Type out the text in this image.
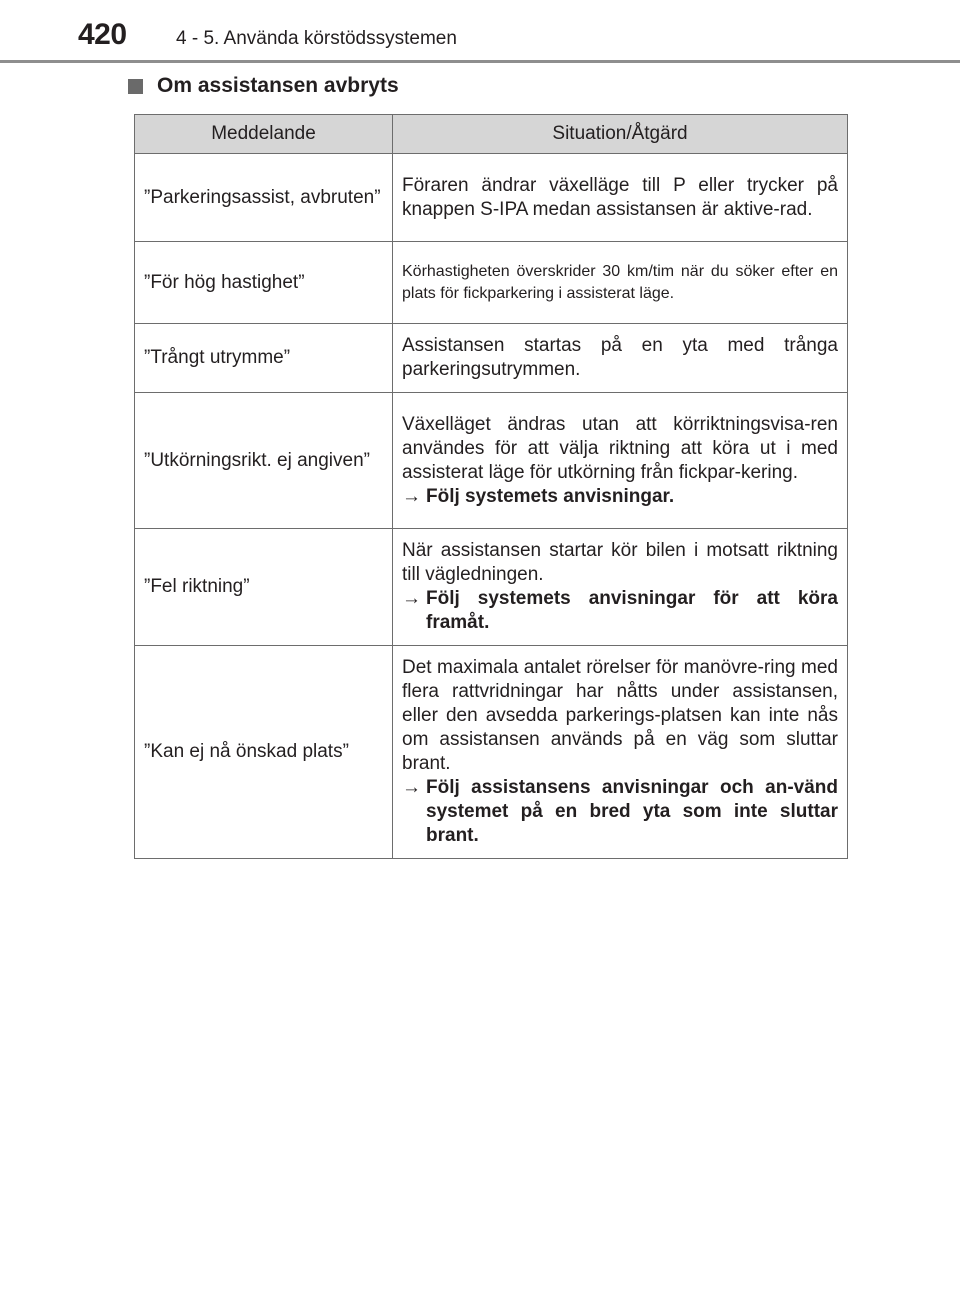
420	4 - 5. Använda körstödssystemen
Om assistansen avbryts
Meddelande	Situation/Åtgärd
”Parkeringsassist, avbruten”	Föraren ändrar växelläge till P eller trycker på knappen S-IPA medan assistansen är aktive-rad.

”För hög hastighet”	Körhastigheten överskrider 30 km/tim när du söker efter en plats för fickparkering i assisterat läge.

”Trångt utrymme”	Assistansen startas på en yta med trånga parkeringsutrymmen.

”Utkörningsrikt. ej angiven”	Växelläget ändras utan att körriktningsvisa-ren användes för att välja riktning att köra ut i med assisterat läge för utkörning från fickpar-kering.
→ Följ systemets anvisningar.

”Fel riktning”	När assistansen startar kör bilen i motsatt riktning till vägledningen.
→ Följ systemets anvisningar för att köra framåt.

”Kan ej nå önskad plats”	Det maximala antalet rörelser för manövre-ring med flera rattvridningar har nåtts under assistansen, eller den avsedda parkerings-platsen kan inte nås om assistansen används på en väg som sluttar brant.
→ Följ assistansens anvisningar och an-vänd systemet på en bred yta som inte sluttar brant.
